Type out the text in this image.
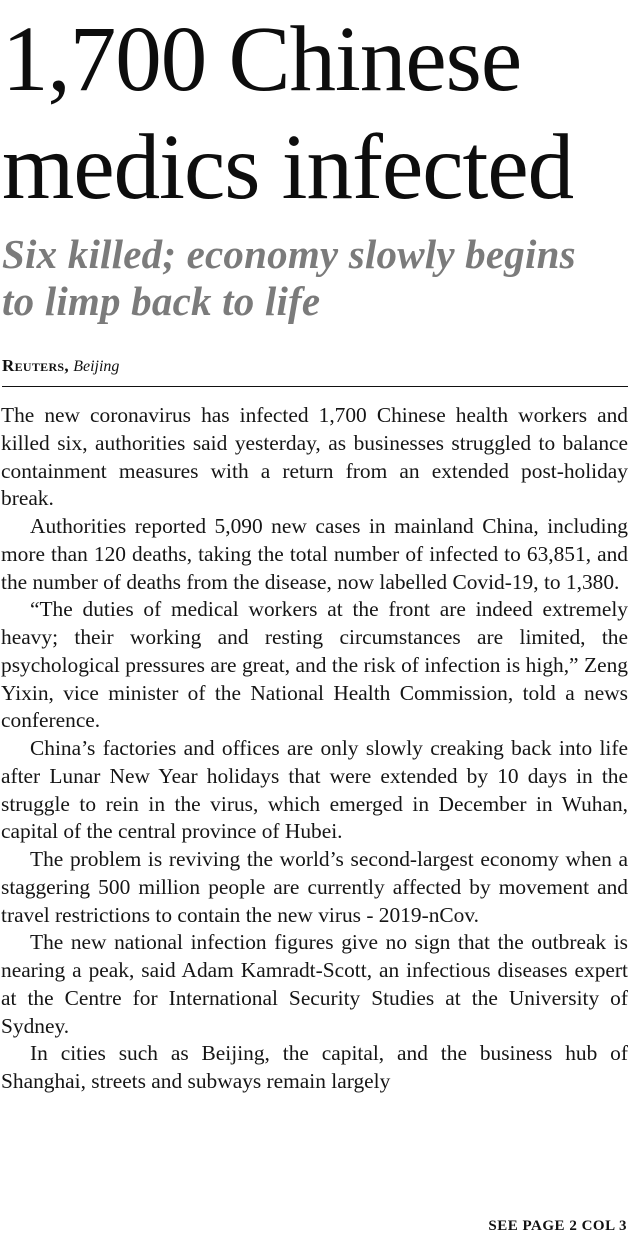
1,700 Chinese
medics infected
Six killed; economy slowly begins
to limp back to life
Reuters, Beijing

The new coronavirus has infected 1,700 Chinese health workers and killed six, authorities said yesterday, as businesses struggled to balance containment measures with a return from an extended post-holiday break.

Authorities reported 5,090 new cases in mainland China, including more than 120 deaths, taking the total number of infected to 63,851, and the number of deaths from the disease, now labelled Covid-19, to 1,380.

“The duties of medical workers at the front are indeed extremely heavy; their working and resting circumstances are limited, the psychological pressures are great, and the risk of infection is high,” Zeng Yixin, vice minister of the National Health Commission, told a news conference.

China’s factories and offices are only slowly creaking back into life after Lunar New Year holidays that were extended by 10 days in the struggle to rein in the virus, which emerged in December in Wuhan, capital of the central province of Hubei.

The problem is reviving the world’s second-largest economy when a staggering 500 million people are currently affected by movement and travel restrictions to contain the new virus - 2019-nCov.

The new national infection figures give no sign that the outbreak is nearing a peak, said Adam Kamradt-Scott, an infectious diseases expert at the Centre for International Security Studies at the University of Sydney.

In cities such as Beijing, the capital, and the business hub of Shanghai, streets and subways remain largely

SEE PAGE 2 COL 3
